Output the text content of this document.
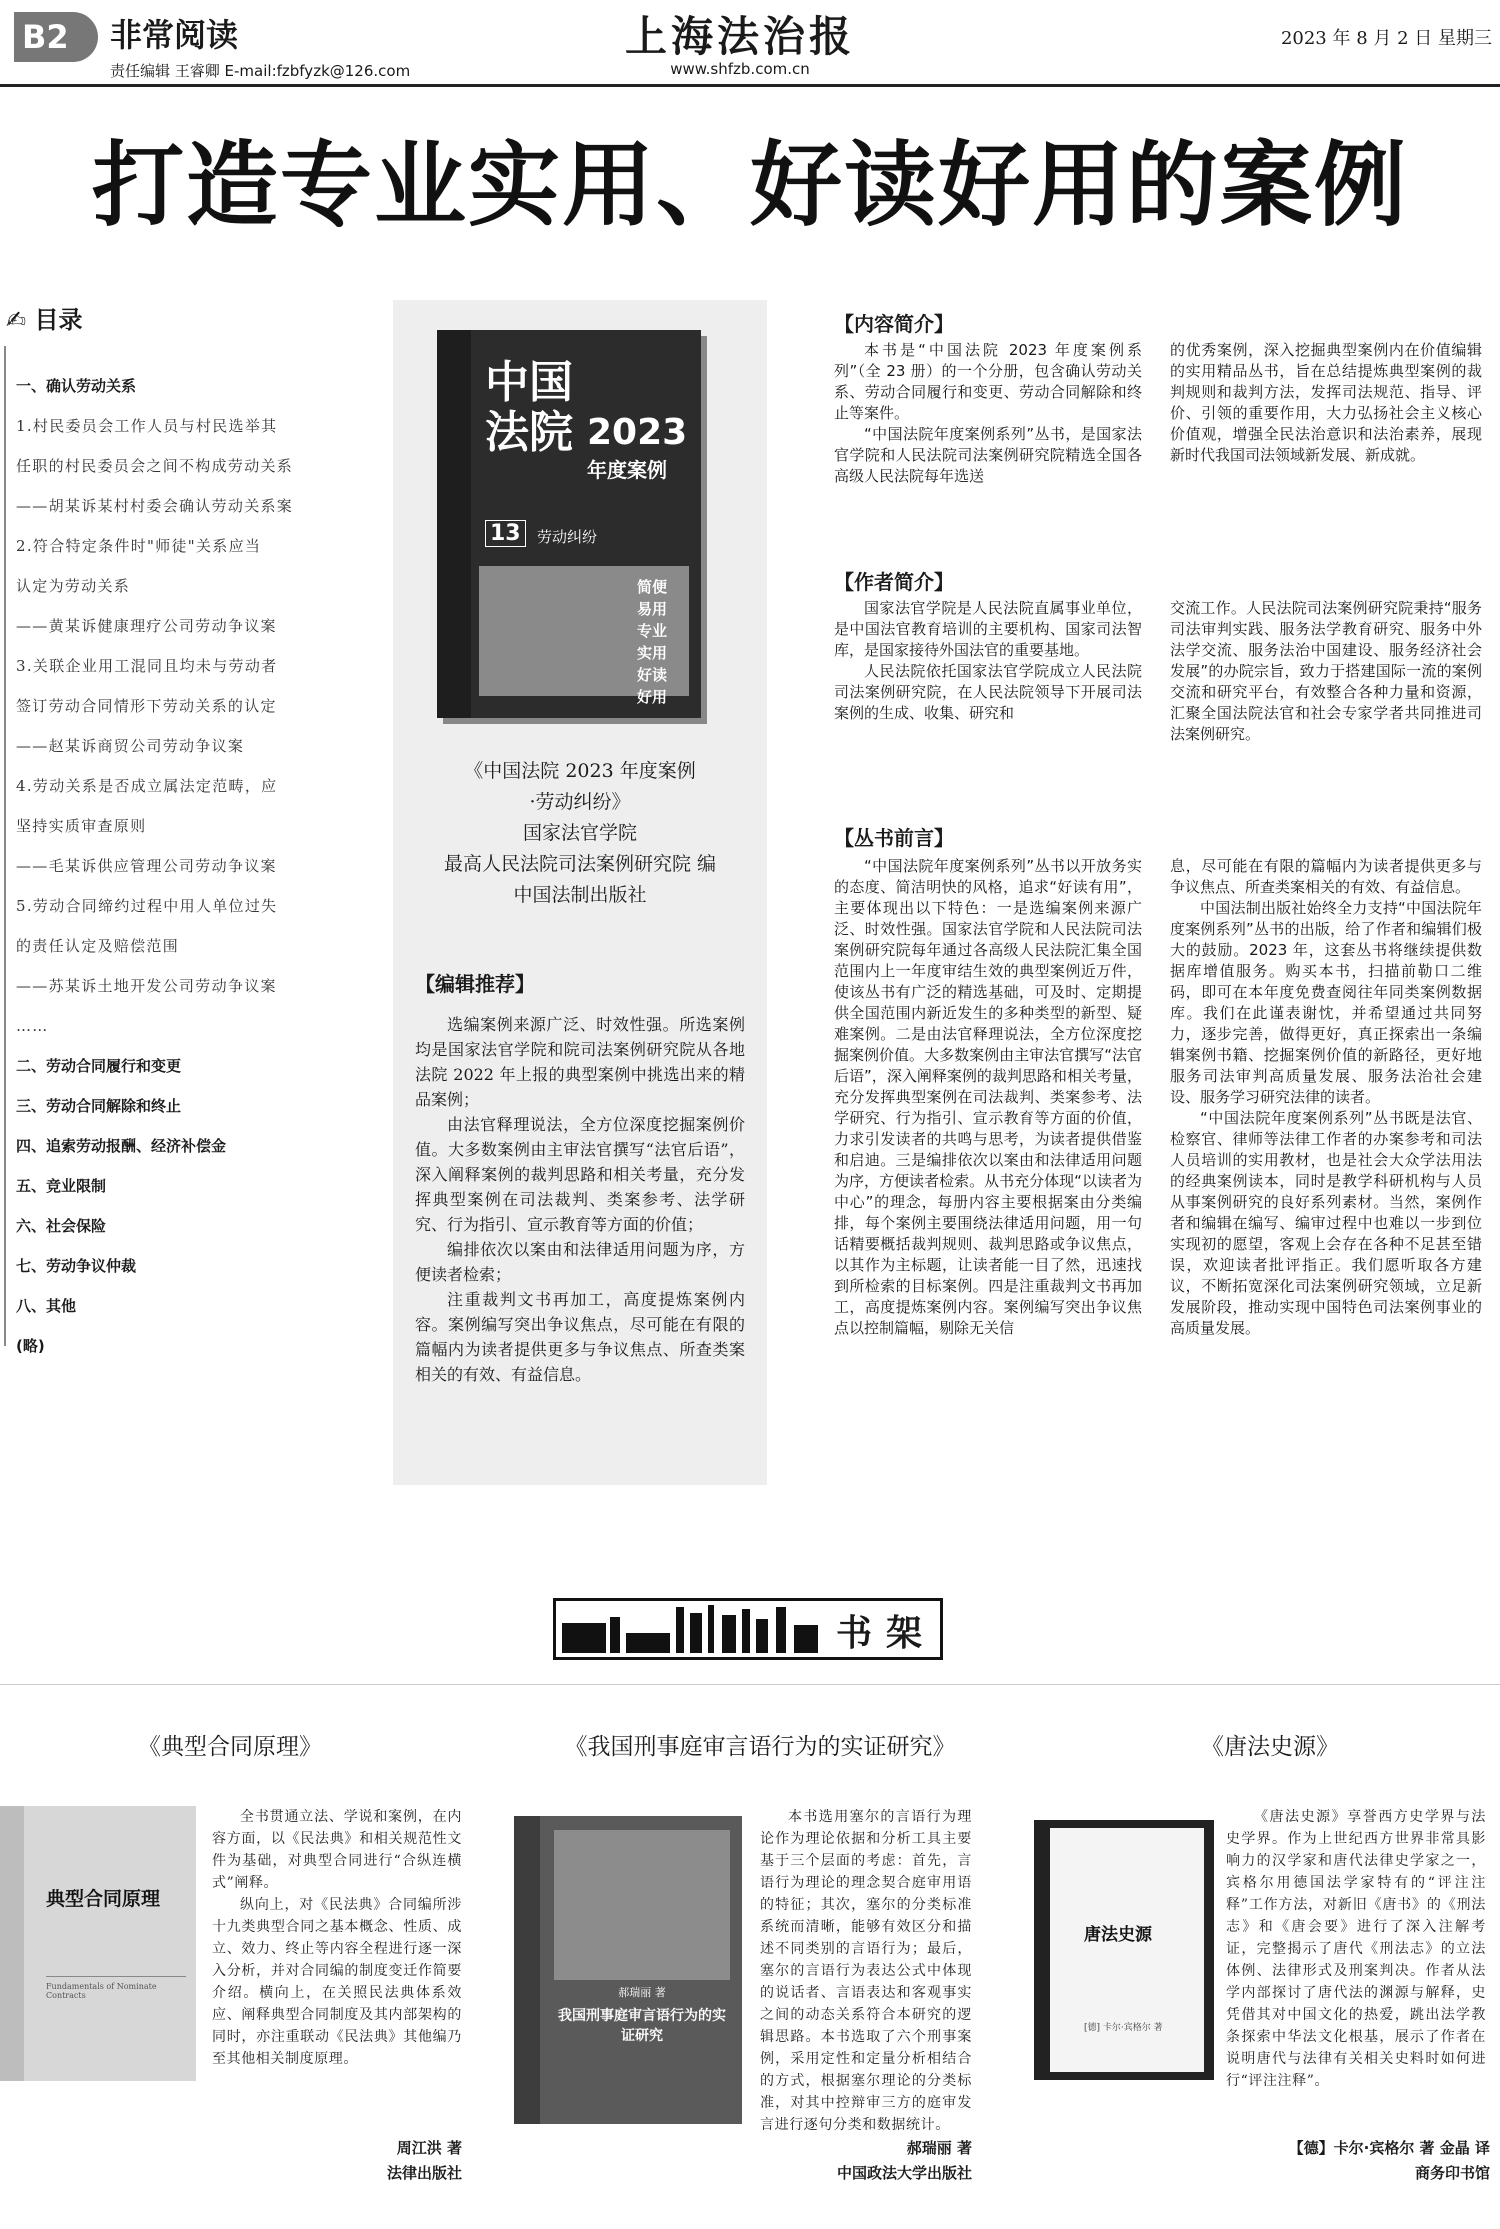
B2	非常阅读
责任编辑 王睿卿 E-mail:fzbfyzk@126.com
上海法治报
www.shfzb.com.cn
2023 年 8 月 2 日 星期三
打造专业实用、好读好用的案例
✍ 目录
一、确认劳动关系
1.村民委员会工作人员与村民选举其
任职的村民委员会之间不构成劳动关系
——胡某诉某村村委会确认劳动关系案
2.符合特定条件时"师徒"关系应当
认定为劳动关系
——黄某诉健康理疗公司劳动争议案
3.关联企业用工混同且均未与劳动者
签订劳动合同情形下劳动关系的认定
——赵某诉商贸公司劳动争议案
4.劳动关系是否成立属法定范畴，应
坚持实质审查原则
——毛某诉供应管理公司劳动争议案
5.劳动合同缔约过程中用人单位过失
的责任认定及赔偿范围
——苏某诉土地开发公司劳动争议案
……
二、劳动合同履行和变更
三、劳动合同解除和终止
四、追索劳动报酬、经济补偿金
五、竞业限制
六、社会保险
七、劳动争议仲裁
八、其他
(略)
中国法院 2023
年度案例
13	劳动纠纷
简便
易用
专业
实用
好读
好用
《中国法院 2023 年度案例
·劳动纠纷》
国家法官学院
最高人民法院司法案例研究院 编
中国法制出版社
【编辑推荐】

选编案例来源广泛、时效性强。所选案例均是国家法官学院和院司法案例研究院从各地法院 2022 年上报的典型案例中挑选出来的精品案例；

由法官释理说法，全方位深度挖掘案例价值。大多数案例由主审法官撰写“法官后语”，深入阐释案例的裁判思路和相关考量，充分发挥典型案例在司法裁判、类案参考、法学研究、行为指引、宣示教育等方面的价值；

编排依次以案由和法律适用问题为序，方便读者检索；

注重裁判文书再加工，高度提炼案例内容。案例编写突出争议焦点，尽可能在有限的篇幅内为读者提供更多与争议焦点、所查类案相关的有效、有益信息。

【内容简介】

本书是“中国法院 2023 年度案例系列”（全 23 册）的一个分册，包含确认劳动关系、劳动合同履行和变更、劳动合同解除和终止等案件。

“中国法院年度案例系列”丛书，是国家法官学院和人民法院司法案例研究院精选全国各高级人民法院每年选送

的优秀案例，深入挖掘典型案例内在价值编辑的实用精品丛书，旨在总结提炼典型案例的裁判规则和裁判方法，发挥司法规范、指导、评价、引领的重要作用，大力弘扬社会主义核心价值观，增强全民法治意识和法治素养，展现新时代我国司法领域新发展、新成就。

【作者简介】

国家法官学院是人民法院直属事业单位，是中国法官教育培训的主要机构、国家司法智库，是国家接待外国法官的重要基地。

人民法院依托国家法官学院成立人民法院司法案例研究院，在人民法院领导下开展司法案例的生成、收集、研究和

交流工作。人民法院司法案例研究院秉持“服务司法审判实践、服务法学教育研究、服务中外法学交流、服务法治中国建设、服务经济社会发展”的办院宗旨，致力于搭建国际一流的案例交流和研究平台，有效整合各种力量和资源，汇聚全国法院法官和社会专家学者共同推进司法案例研究。

【丛书前言】

“中国法院年度案例系列”丛书以开放务实的态度、简洁明快的风格，追求“好读有用”，主要体现出以下特色：一是选编案例来源广泛、时效性强。国家法官学院和人民法院司法案例研究院每年通过各高级人民法院汇集全国范围内上一年度审结生效的典型案例近万件，使该丛书有广泛的精选基础，可及时、定期提供全国范围内新近发生的多种类型的新型、疑难案例。二是由法官释理说法，全方位深度挖掘案例价值。大多数案例由主审法官撰写“法官后语”，深入阐释案例的裁判思路和相关考量，充分发挥典型案例在司法裁判、类案参考、法学研究、行为指引、宣示教育等方面的价值，力求引发读者的共鸣与思考，为读者提供借鉴和启迪。三是编排依次以案由和法律适用问题为序，方便读者检索。从书充分体现“以读者为中心”的理念，每册内容主要根据案由分类编排，每个案例主要围绕法律适用问题，用一句话精要概括裁判规则、裁判思路或争议焦点，以其作为主标题，让读者能一目了然，迅速找到所检索的目标案例。四是注重裁判文书再加工，高度提炼案例内容。案例编写突出争议焦点以控制篇幅，剔除无关信

息，尽可能在有限的篇幅内为读者提供更多与争议焦点、所查类案相关的有效、有益信息。

中国法制出版社始终全力支持“中国法院年度案例系列”丛书的出版，给了作者和编辑们极大的鼓励。2023 年，这套丛书将继续提供数据库增值服务。购买本书，扫描前勒口二维码，即可在本年度免费查阅往年同类案例数据库。我们在此谨表谢忱，并希望通过共同努力，逐步完善，做得更好，真正探索出一条编辑案例书籍、挖掘案例价值的新路径，更好地服务司法审判高质量发展、服务法治社会建设、服务学习研究法律的读者。

“中国法院年度案例系列”丛书既是法官、检察官、律师等法律工作者的办案参考和司法人员培训的实用教材，也是社会大众学法用法的经典案例读本，同时是教学科研机构与人员从事案例研究的良好系列素材。当然，案例作者和编辑在编写、编审过程中也难以一步到位实现初的愿望，客观上会存在各种不足甚至错误，欢迎读者批评指正。我们愿听取各方建议，不断拓宽深化司法案例研究领域，立足新发展阶段，推动实现中国特色司法案例事业的高质量发展。

书架
《典型合同原理》
典型合同原理
Fundamentals of Nominate Contracts

全书贯通立法、学说和案例，在内容方面，以《民法典》和相关规范性文件为基础，对典型合同进行“合纵连横式”阐释。

纵向上，对《民法典》合同编所涉十九类典型合同之基本概念、性质、成立、效力、终止等内容全程进行逐一深入分析，并对合同编的制度变迁作简要介绍。横向上，在关照民法典体系效应、阐释典型合同制度及其内部架构的同时，亦注重联动《民法典》其他编乃至其他相关制度原理。

周江洪 著
法律出版社
《我国刑事庭审言语行为的实证研究》
我国刑事庭审言语行为的实证研究
郝瑞丽 著

本书选用塞尔的言语行为理论作为理论依据和分析工具主要基于三个层面的考虑：首先，言语行为理论的理念契合庭审用语的特征；其次，塞尔的分类标准系统而清晰，能够有效区分和描述不同类别的言语行为；最后，塞尔的言语行为表达公式中体现的说话者、言语表达和客观事实之间的动态关系符合本研究的逻辑思路。本书选取了六个刑事案例，采用定性和定量分析相结合的方式，根据塞尔理论的分类标准，对其中控辩审三方的庭审发言进行逐句分类和数据统计。

郝瑞丽 著
中国政法大学出版社
《唐法史源》
唐法史源
[德] 卡尔·宾格尔 著

《唐法史源》享誉西方史学界与法史学界。作为上世纪西方世界非常具影响力的汉学家和唐代法律史学家之一，宾格尔用德国法学家特有的“评注注释”工作方法，对新旧《唐书》的《刑法志》和《唐会要》进行了深入注解考证，完整揭示了唐代《刑法志》的立法体例、法律形式及刑案判决。作者从法学内部探讨了唐代法的渊源与解释，史凭借其对中国文化的热爱，跳出法学教条探索中华法文化根基，展示了作者在说明唐代与法律有关相关史料时如何进行“评注注释”。

【德】卡尔·宾格尔 著 金晶 译
商务印书馆
